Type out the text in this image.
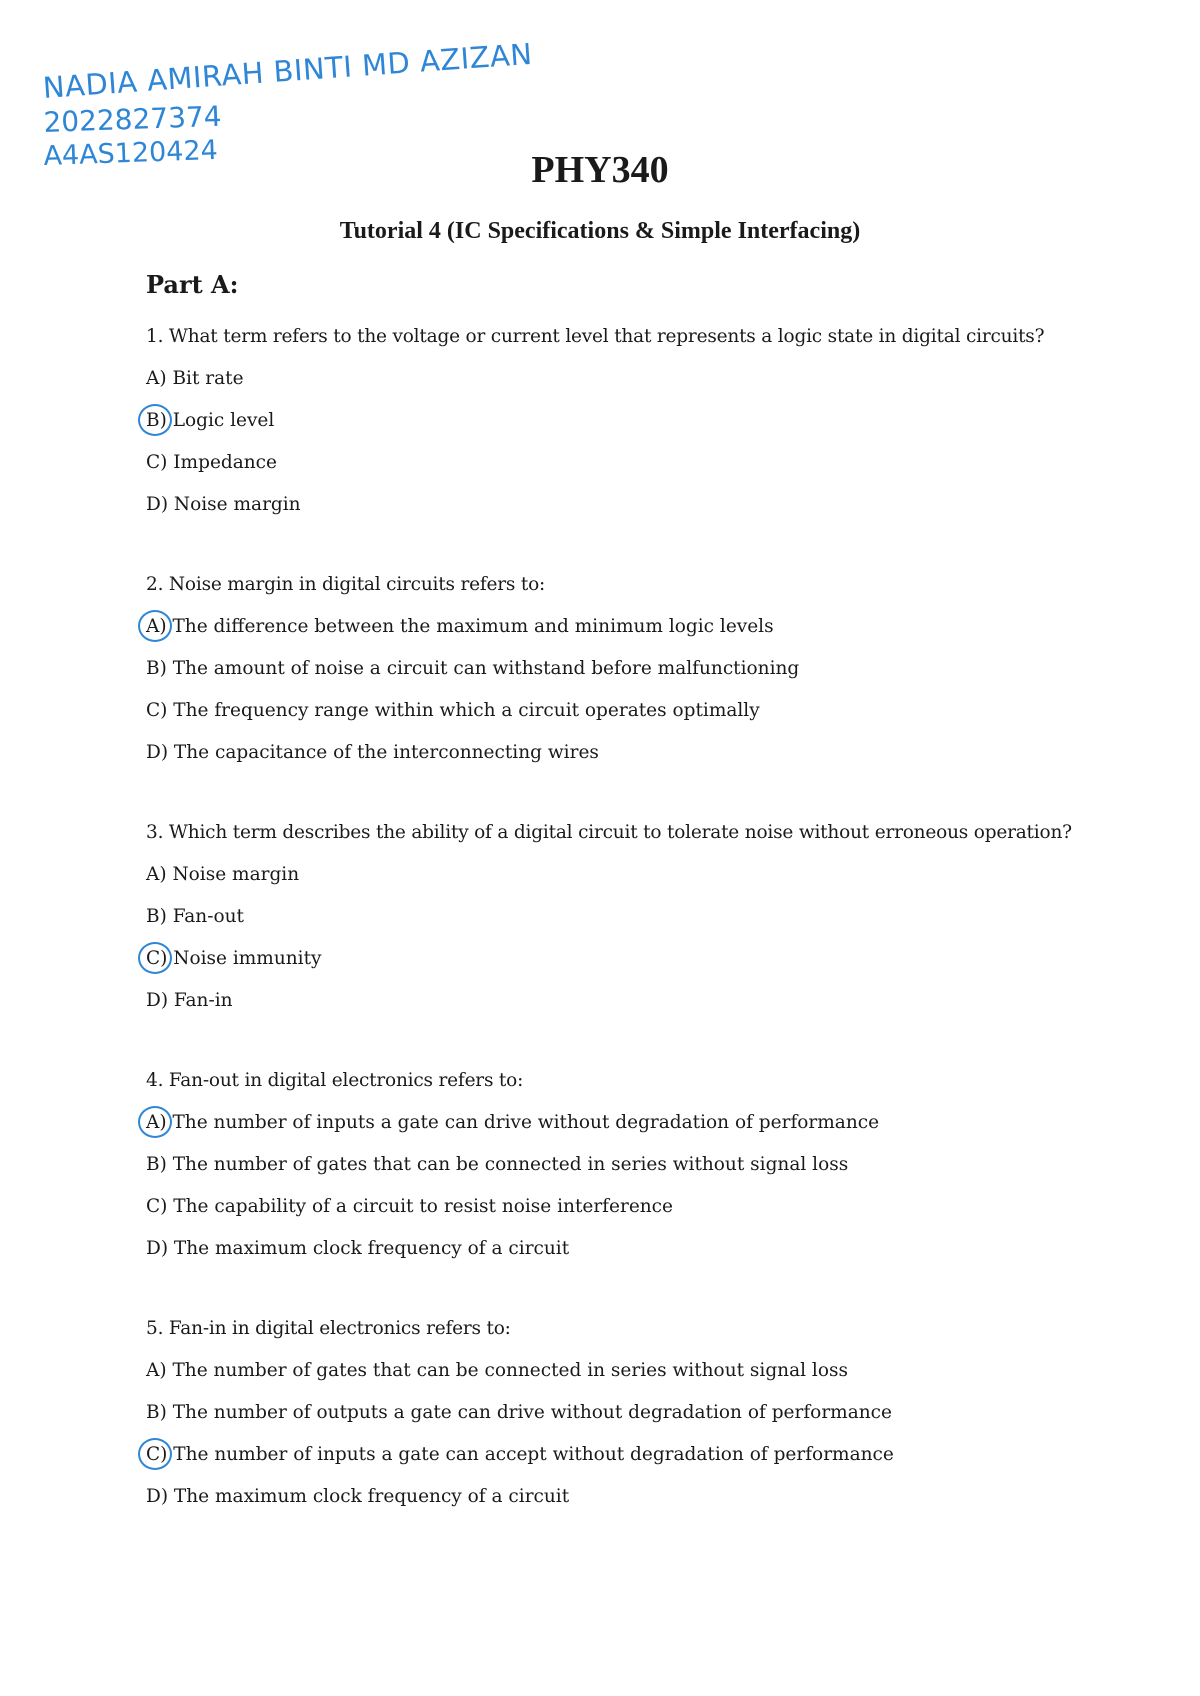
NADIA AMIRAH BINTI MD AZIZAN
2022827374
A4AS120424	PHY340
Tutorial 4 (IC Specifications & Simple Interfacing)
Part A:
1. What term refers to the voltage or current level that represents a logic state in digital circuits?
A) Bit rate
B) Logic level
C) Impedance
D) Noise margin
2. Noise margin in digital circuits refers to:
A) The difference between the maximum and minimum logic levels
B) The amount of noise a circuit can withstand before malfunctioning
C) The frequency range within which a circuit operates optimally
D) The capacitance of the interconnecting wires
3. Which term describes the ability of a digital circuit to tolerate noise without erroneous operation?
A) Noise margin
B) Fan-out
C) Noise immunity
D) Fan-in
4. Fan-out in digital electronics refers to:
A) The number of inputs a gate can drive without degradation of performance
B) The number of gates that can be connected in series without signal loss
C) The capability of a circuit to resist noise interference
D) The maximum clock frequency of a circuit
5. Fan-in in digital electronics refers to:
A) The number of gates that can be connected in series without signal loss
B) The number of outputs a gate can drive without degradation of performance
C) The number of inputs a gate can accept without degradation of performance
D) The maximum clock frequency of a circuit
